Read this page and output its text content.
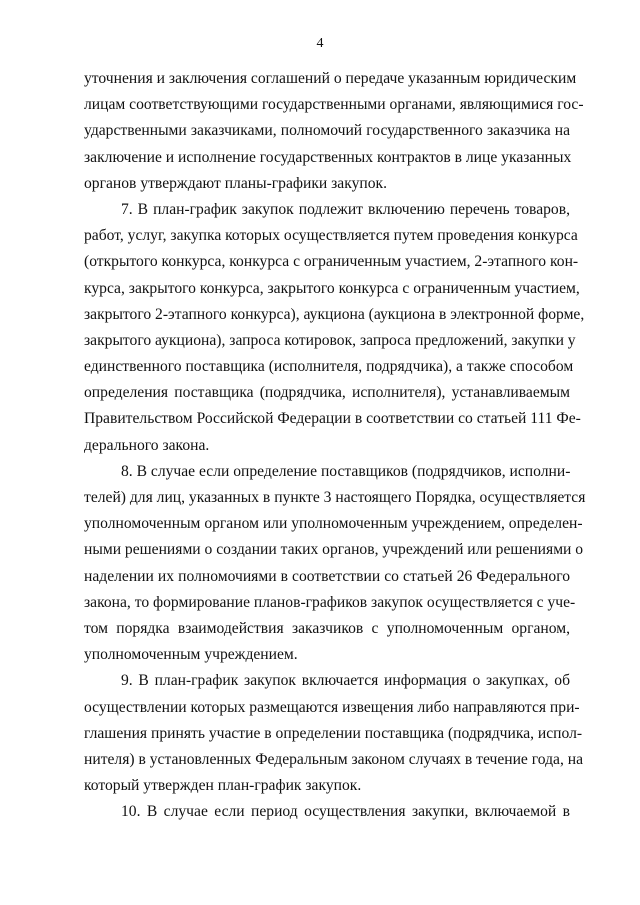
4
уточнения и заключения соглашений о передаче указанным юридическим
лицам соответствующими государственными органами, являющимися гос-
ударственными заказчиками, полномочий государственного заказчика на
заключение и исполнение государственных контрактов в лице указанных
органов утверждают планы-графики закупок.
7. В план-график закупок подлежит включению перечень товаров,
работ, услуг, закупка которых осуществляется путем проведения конкурса
(открытого конкурса, конкурса с ограниченным участием, 2-этапного кон-
курса, закрытого конкурса, закрытого конкурса с ограниченным участием,
закрытого 2-этапного конкурса), аукциона (аукциона в электронной форме,
закрытого аукциона), запроса котировок, запроса предложений, закупки у
единственного поставщика (исполнителя, подрядчика), а также способом
определения поставщика (подрядчика, исполнителя), устанавливаемым
Правительством Российской Федерации в соответствии со статьей 111 Фе-
дерального закона.
8. В случае если определение поставщиков (подрядчиков, исполни-
телей) для лиц, указанных в пункте 3 настоящего Порядка, осуществляется
уполномоченным органом или уполномоченным учреждением, определен-
ными решениями о создании таких органов, учреждений или решениями о
наделении их полномочиями в соответствии со статьей 26 Федерального
закона, то формирование планов-графиков закупок осуществляется с уче-
том порядка взаимодействия заказчиков с уполномоченным органом,
уполномоченным учреждением.
9. В план-график закупок включается информация о закупках, об
осуществлении которых размещаются извещения либо направляются при-
глашения принять участие в определении поставщика (подрядчика, испол-
нителя) в установленных Федеральным законом случаях в течение года, на
который утвержден план-график закупок.
10. В случае если период осуществления закупки, включаемой в
